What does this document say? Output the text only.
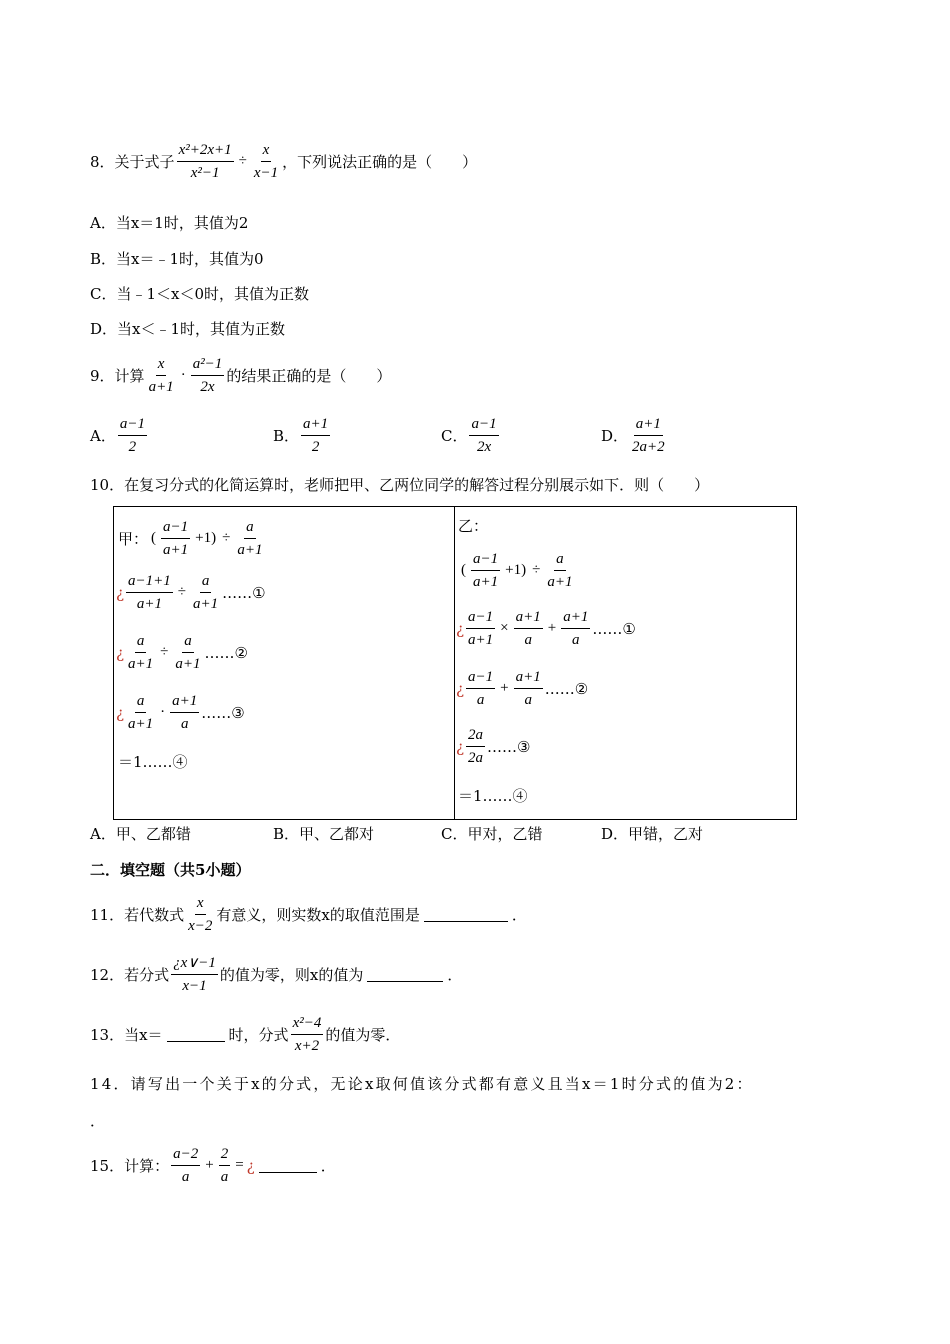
8． 关于式子 $\frac{\text{x²+2x+1}}{\text{x²−1}} \div \frac{x}{x-1}$ ，下列说法正确的是（　　）
A．当x＝1时，其值为2
B．当x＝﹣1时，其值为0
C．当﹣1＜x＜0时，其值为正数
D．当x＜﹣1时，其值为正数
9． 计算 $\frac{x}{a+1} \cdot \frac{\text{a²−1}}{2x}$ 的结果正确的是（　　）
A． $\frac{a-1}{2}$	B． $\frac{a+1}{2}$	C． $\frac{a-1}{2x}$	D． $\frac{a+1}{2a+2}$
10．在复习分式的化简运算时，老师把甲、乙两位同学的解答过程分别展示如下．则（　　）
甲： ( $\frac{a-1}{a+1} +1) \div \frac{a}{a+1}$
¿ $\frac{a-1+1}{a+1} \div \frac{a}{a+1}$ ……①
¿ $\frac{a}{a+1} \div \frac{a}{a+1}$ ……②
¿ $\frac{a}{a+1} \cdot \frac{a+1}{a}$ ……③
＝1……④
乙：
( $\frac{a-1}{a+1} +1) \div \frac{a}{a+1}$
¿ $\frac{a-1}{a+1} \times \frac{a+1}{a} + \frac{a+1}{a}$ ……①
¿ $\frac{a-1}{a} + \frac{a+1}{a}$ ……②
¿ $\frac{2a}{2a}$ ……③
＝1……④
A．甲、乙都错	B．甲、乙都对	C．甲对，乙错	D．甲错，乙对
二．填空题（共5小题）
11．若代数式 $\frac{x}{x-2}$ 有意义，则实数x的取值范围是	．
12．若分式 $\frac{¿x\vee-1}{x-1}$ 的值为零，则x的值为	．
13．当x＝	时，分式 $\frac{\text{x²−4}}{x+2}$ 的值为零．
14．请写出一个关于x的分式，无论x取何值该分式都有意义且当x＝1时分式的值为2：
．
15．计算： $\frac{a-2}{a} + \frac{2}{a}$ = ¿	．
